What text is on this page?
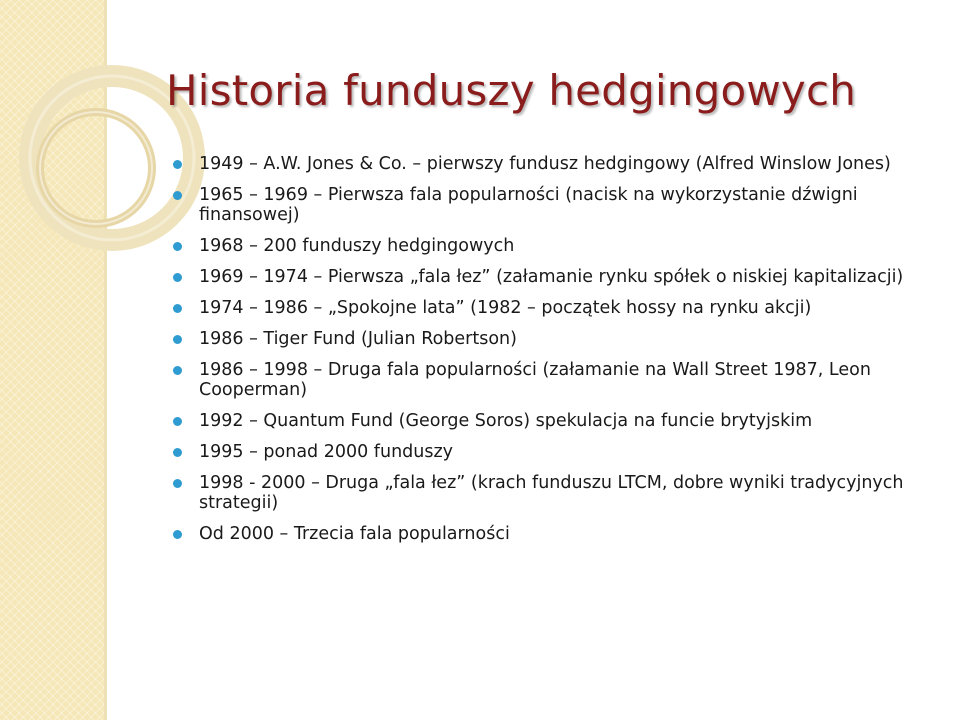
Historia funduszy hedgingowych
1949 – A.W. Jones & Co. – pierwszy fundusz hedgingowy (Alfred Winslow Jones)
1965 – 1969 – Pierwsza fala popularności (nacisk na wykorzystanie dźwigni finansowej)
1968 – 200 funduszy hedgingowych
1969 – 1974 – Pierwsza „fala łez” (załamanie rynku spółek o niskiej kapitalizacji)
1974 – 1986 – „Spokojne lata” (1982 – początek hossy na rynku akcji)
1986 – Tiger Fund (Julian Robertson)
1986 – 1998 – Druga fala popularności (załamanie na Wall Street 1987, Leon Cooperman)
1992 – Quantum Fund (George Soros) spekulacja na funcie brytyjskim
1995 – ponad 2000 funduszy
1998 - 2000 – Druga „fala łez” (krach funduszu LTCM, dobre wyniki tradycyjnych strategii)
Od 2000 – Trzecia fala popularności
